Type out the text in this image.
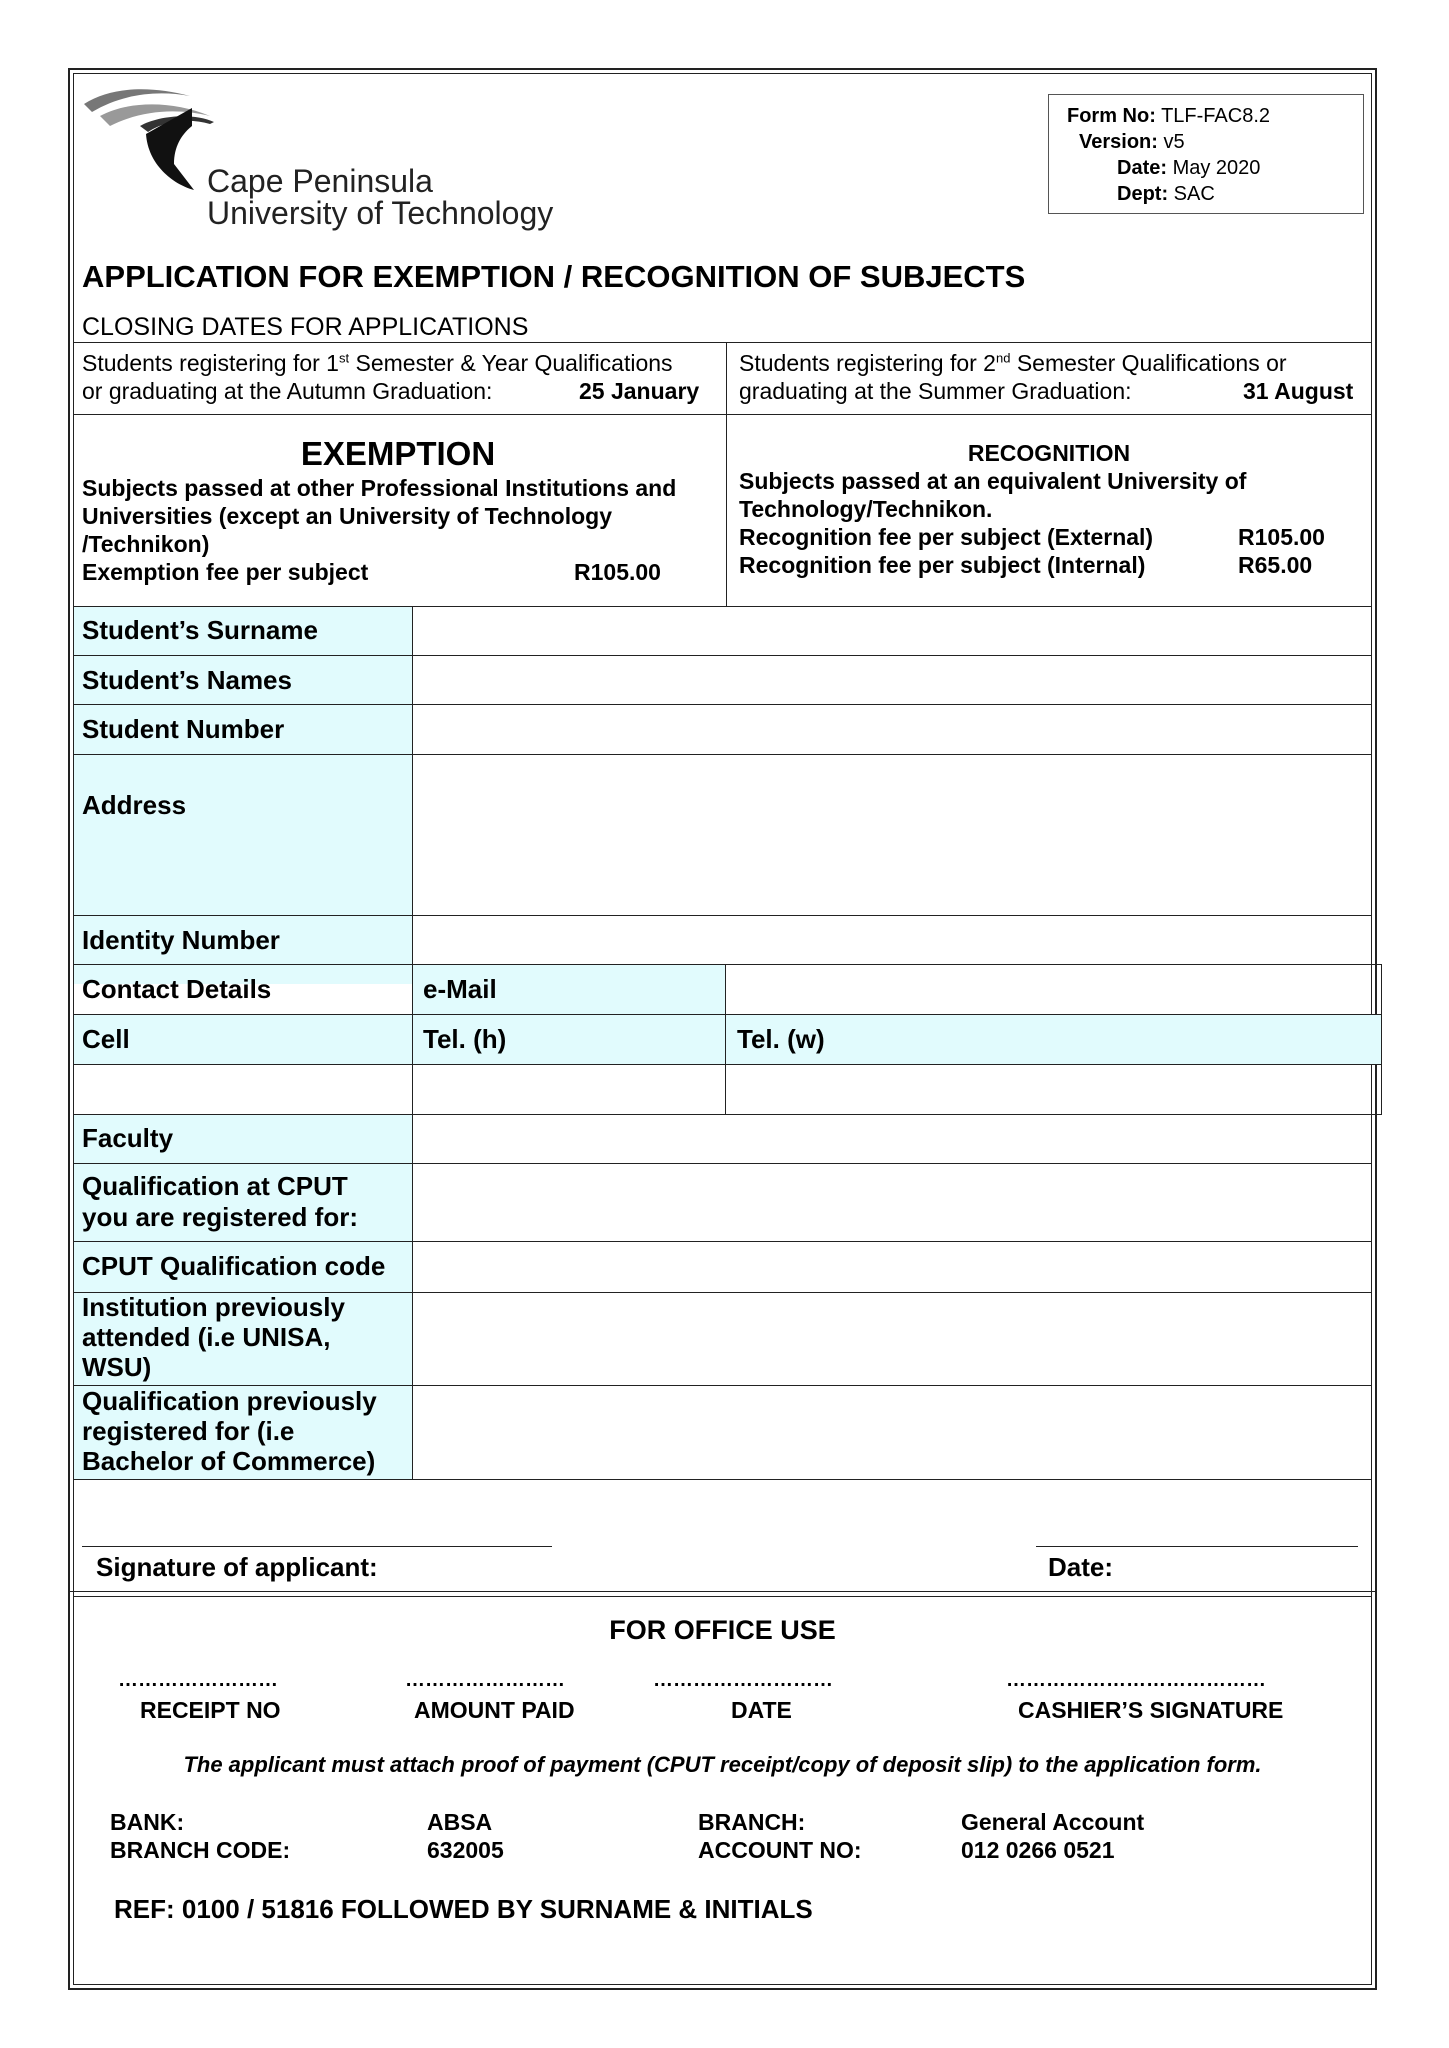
Cape Peninsula
University of Technology
Form No: TLF-FAC8.2
Version: v5
Date: May 2020
Dept: SAC
APPLICATION FOR EXEMPTION / RECOGNITION OF SUBJECTS
CLOSING DATES FOR APPLICATIONS
Students registering for 1st Semester & Year Qualifications
or graduating at the Autumn Graduation:	25 January
Students registering for 2nd Semester Qualifications or
graduating at the Summer Graduation:	31 August
EXEMPTION
Subjects passed at other Professional Institutions and
Universities (except an University of Technology
/Technikon)
Exemption fee per subject	R105.00
RECOGNITION
Subjects passed at an equivalent University of
Technology/Technikon.
Recognition fee per subject (External)	R105.00
Recognition fee per subject (Internal)	R65.00
Student’s Surname
Student’s Names
Student Number
Address
Identity Number
Contact Details	e-Mail
Cell	Tel. (h)	Tel. (w)
Faculty
Qualification at CPUT
you are registered for:
CPUT Qualification code
Institution previously
attended (i.e UNISA,
WSU)
Qualification previously
registered for (i.e
Bachelor of Commerce)
Signature of applicant:	Date:
FOR OFFICE USE
……………………	……………………	………………………	…………………………………
RECEIPT NO	AMOUNT PAID	DATE	CASHIER’S SIGNATURE
The applicant must attach proof of payment (CPUT receipt/copy of deposit slip) to the application form.
BANK:	ABSA	BRANCH:	General Account
BRANCH CODE:	632005	ACCOUNT NO:	012 0266 0521
REF: 0100 / 51816 FOLLOWED BY SURNAME & INITIALS
